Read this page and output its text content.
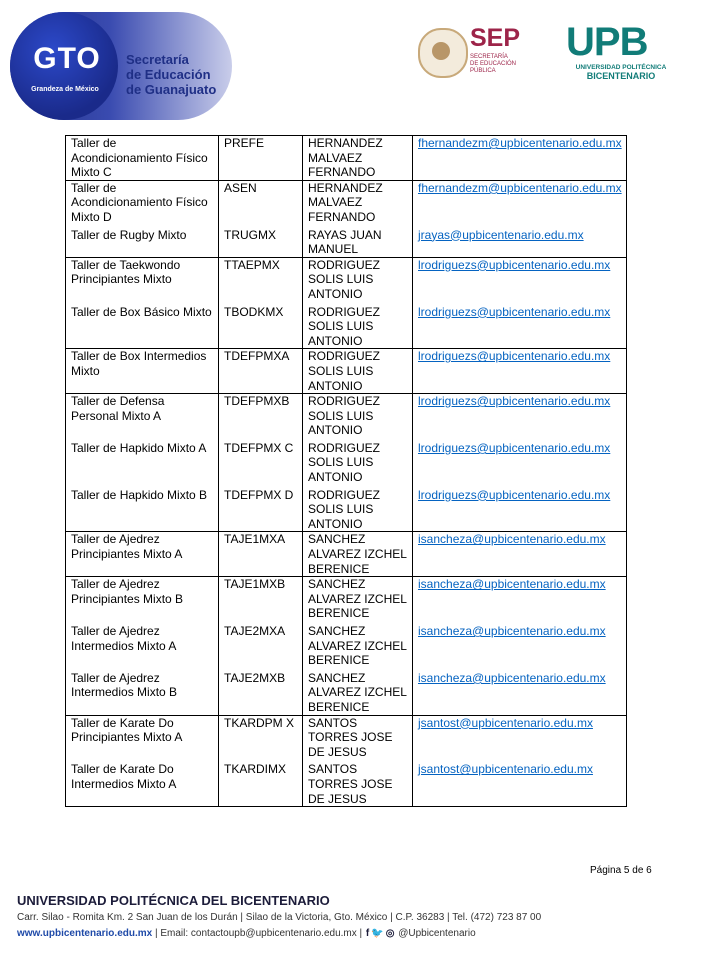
GTO
Grandeza de México
Secretaría
de Educación
de Guanajuato
SEP
SECRETARÍA
DE EDUCACIÓN
PÚBLICA
UPB
UNIVERSIDAD POLITÉCNICA
BICENTENARIO
Taller de Acondicionamiento Físico Mixto C	PREFE	HERNANDEZ MALVAEZ FERNANDO	fhernandezm@upbicentenario.edu.mx
Taller de Acondicionamiento Físico Mixto D	ASEN	HERNANDEZ MALVAEZ FERNANDO	fhernandezm@upbicentenario.edu.mx
Taller de Rugby Mixto	TRUGMX	RAYAS JUAN MANUEL	jrayas@upbicentenario.edu.mx
Taller de Taekwondo Principiantes Mixto	TTAEPMX	RODRIGUEZ SOLIS LUIS ANTONIO	lrodriguezs@upbicentenario.edu.mx
Taller de Box Básico Mixto	TBODKMX	RODRIGUEZ SOLIS LUIS ANTONIO	lrodriguezs@upbicentenario.edu.mx
Taller de Box Intermedios Mixto	TDEFPMXA	RODRIGUEZ SOLIS LUIS ANTONIO	lrodriguezs@upbicentenario.edu.mx
Taller de Defensa Personal Mixto A	TDEFPMXB	RODRIGUEZ SOLIS LUIS ANTONIO	lrodriguezs@upbicentenario.edu.mx
Taller de Hapkido Mixto A	TDEFPMX C	RODRIGUEZ SOLIS LUIS ANTONIO	lrodriguezs@upbicentenario.edu.mx
Taller de Hapkido Mixto B	TDEFPMX D	RODRIGUEZ SOLIS LUIS ANTONIO	lrodriguezs@upbicentenario.edu.mx
Taller de Ajedrez Principiantes Mixto A	TAJE1MXA	SANCHEZ ALVAREZ IZCHEL BERENICE	isancheza@upbicentenario.edu.mx
Taller de Ajedrez Principiantes Mixto B	TAJE1MXB	SANCHEZ ALVAREZ IZCHEL BERENICE	isancheza@upbicentenario.edu.mx
Taller de Ajedrez Intermedios Mixto A	TAJE2MXA	SANCHEZ ALVAREZ IZCHEL BERENICE	isancheza@upbicentenario.edu.mx
Taller de Ajedrez Intermedios Mixto B	TAJE2MXB	SANCHEZ ALVAREZ IZCHEL BERENICE	isancheza@upbicentenario.edu.mx
Taller de Karate Do Principiantes Mixto A	TKARDPM X	SANTOS TORRES JOSE DE JESUS	jsantost@upbicentenario.edu.mx
Taller de Karate Do Intermedios Mixto A	TKARDIMX	SANTOS TORRES JOSE DE JESUS	jsantost@upbicentenario.edu.mx
Página 5 de 6
UNIVERSIDAD POLITÉCNICA DEL BICENTENARIO
Carr. Silao - Romita Km. 2 San Juan de los Durán | Silao de la Victoria, Gto. México | C.P. 36283 | Tel. (472) 723 87 00
www.upbicentenario.edu.mx | Email: contactoupb@upbicentenario.edu.mx | f 🐦 ◎ @Upbicentenario
